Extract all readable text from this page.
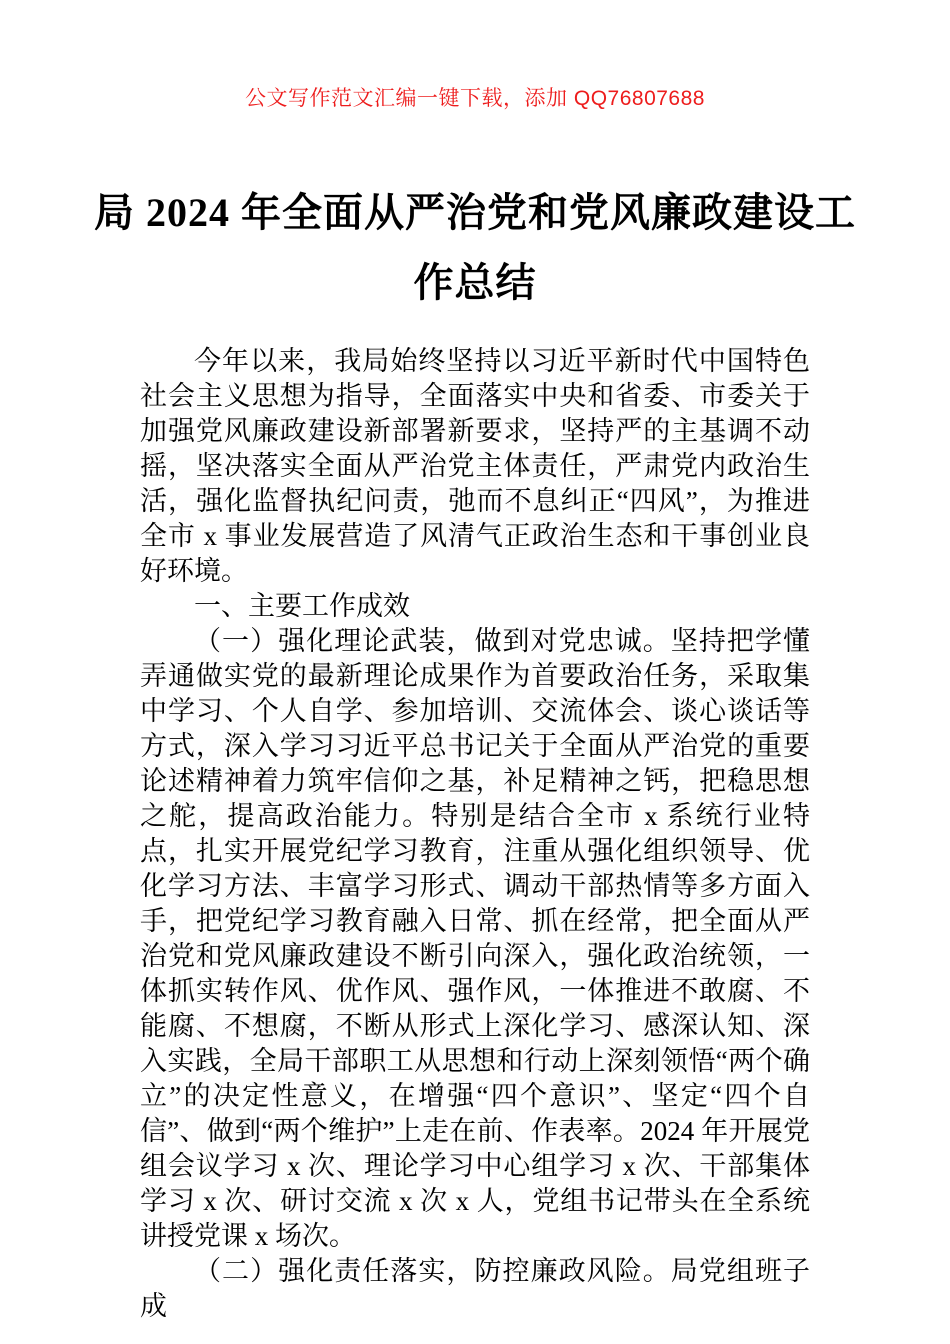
公文写作范文汇编一键下载，添加 QQ76807688
局 2024 年全面从严治党和党风廉政建设工
作总结

今年以来，我局始终坚持以习近平新时代中国特色社会主义思想为指导，全面落实中央和省委、市委关于加强党风廉政建设新部署新要求，坚持严的主基调不动摇，坚决落实全面从严治党主体责任，严肃党内政治生活，强化监督执纪问责，弛而不息纠正“四风”，为推进全市 x 事业发展营造了风清气正政治生态和干事创业良好环境。

一、主要工作成效

（一）强化理论武装，做到对党忠诚。坚持把学懂弄通做实党的最新理论成果作为首要政治任务，采取集中学习、个人自学、参加培训、交流体会、谈心谈话等方式，深入学习习近平总书记关于全面从严治党的重要论述精神着力筑牢信仰之基，补足精神之钙，把稳思想之舵，提高政治能力。特别是结合全市 x 系统行业特点，扎实开展党纪学习教育，注重从强化组织领导、优化学习方法、丰富学习形式、调动干部热情等多方面入手，把党纪学习教育融入日常、抓在经常，把全面从严治党和党风廉政建设不断引向深入，强化政治统领，一体抓实转作风、优作风、强作风，一体推进不敢腐、不能腐、不想腐，不断从形式上深化学习、感深认知、深入实践，全局干部职工从思想和行动上深刻领悟“两个确立”的决定性意义，在增强“四个意识”、坚定“四个自信”、做到“两个维护”上走在前、作表率。2024 年开展党组会议学习 x 次、理论学习中心组学习 x 次、干部集体学习 x 次、研讨交流 x 次 x 人，党组书记带头在全系统讲授党课 x 场次。

（二）强化责任落实，防控廉政风险。局党组班子成
